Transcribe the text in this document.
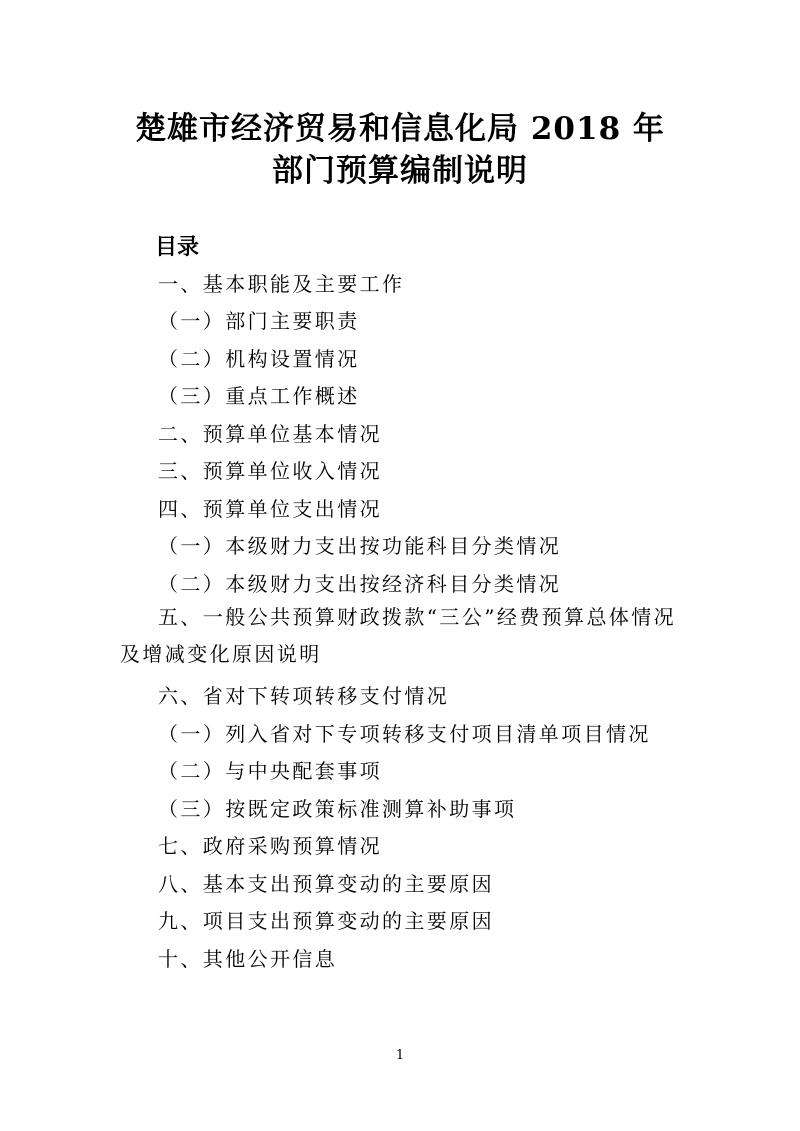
楚雄市经济贸易和信息化局 2018 年
部门预算编制说明
目录
一、基本职能及主要工作
（一）部门主要职责
（二）机构设置情况
（三）重点工作概述
二、预算单位基本情况
三、预算单位收入情况
四、预算单位支出情况
（一）本级财力支出按功能科目分类情况
（二）本级财力支出按经济科目分类情况
五、一般公共预算财政拨款“三公”经费预算总体情况及增减变化原因说明
六、省对下转项转移支付情况
（一）列入省对下专项转移支付项目清单项目情况
（二）与中央配套事项
（三）按既定政策标准测算补助事项
七、政府采购预算情况
八、基本支出预算变动的主要原因
九、项目支出预算变动的主要原因
十、其他公开信息
1
